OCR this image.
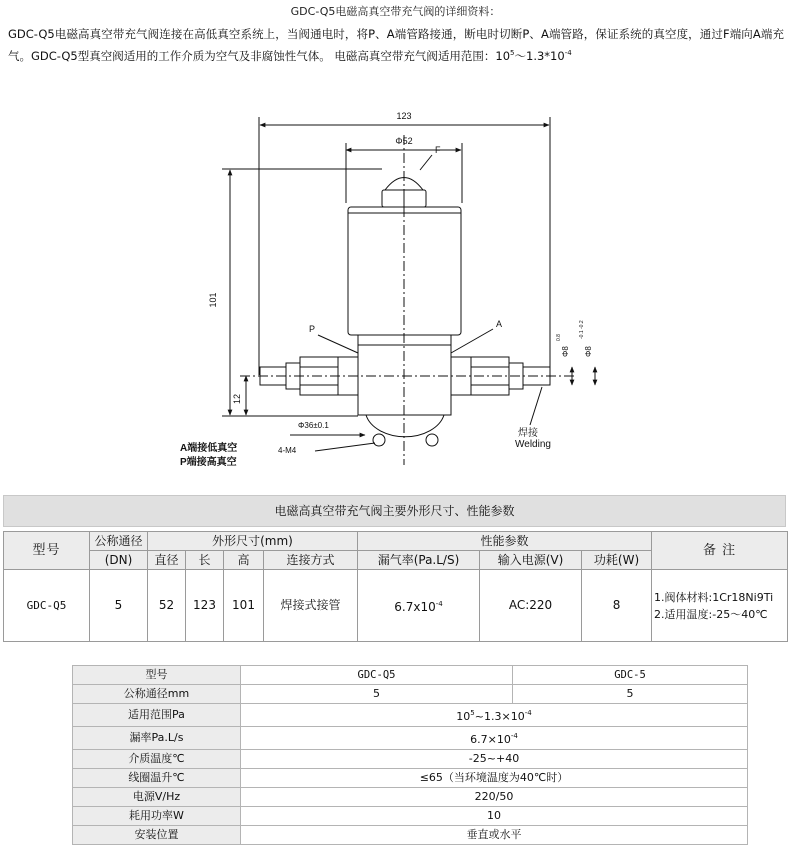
GDC-Q5电磁高真空带充气阀的详细资料：
GDC-Q5电磁高真空带充气阀连接在高低真空系统上，当阀通电时，将P、A端管路接通，断电时切断P、A端管路，保证系统的真空度，通过F端向A端充气。GDC-Q5型真空阀适用的工作介质为空气及非腐蚀性气体。 电磁高真空带充气阀适用范围：$10^5\sim 1.3*10^{-4}$
123
Φ52
F
101
P	A
12
Φ36±0.1
4-M4
Φ8
0.8
Φ8
-0.1 -0.2
焊接
Welding
A端接低真空
P端接高真空
电磁高真空带充气阀主要外形尺寸、性能参数
型号	公称通径	外形尺寸(mm)				性能参数			备 注
	(DN)	直径	长	高	连接方式	漏气率(Pa.L/S)	输入电源(V)	功耗(W)	
GDC-Q5	5	52	123	101	焊接式接管	$6.7x10^{-4}$	AC:220	8	1.阀体材料:1Cr18Ni9Ti
2.适用温度:-25～40℃
型号	GDC-Q5	GDC-5
公称通径mm	5	5
适用范围Pa	$10^5\sim 1.3\times 10^{-4}$
漏率Pa.L/s	$6.7\times 10^{-4}$
介质温度℃	-25~+40	
线圈温升℃	≤65（当环境温度为40℃时）	
电源V/Hz	220/50	
耗用功率W	10	
安装位置	垂直或水平	
